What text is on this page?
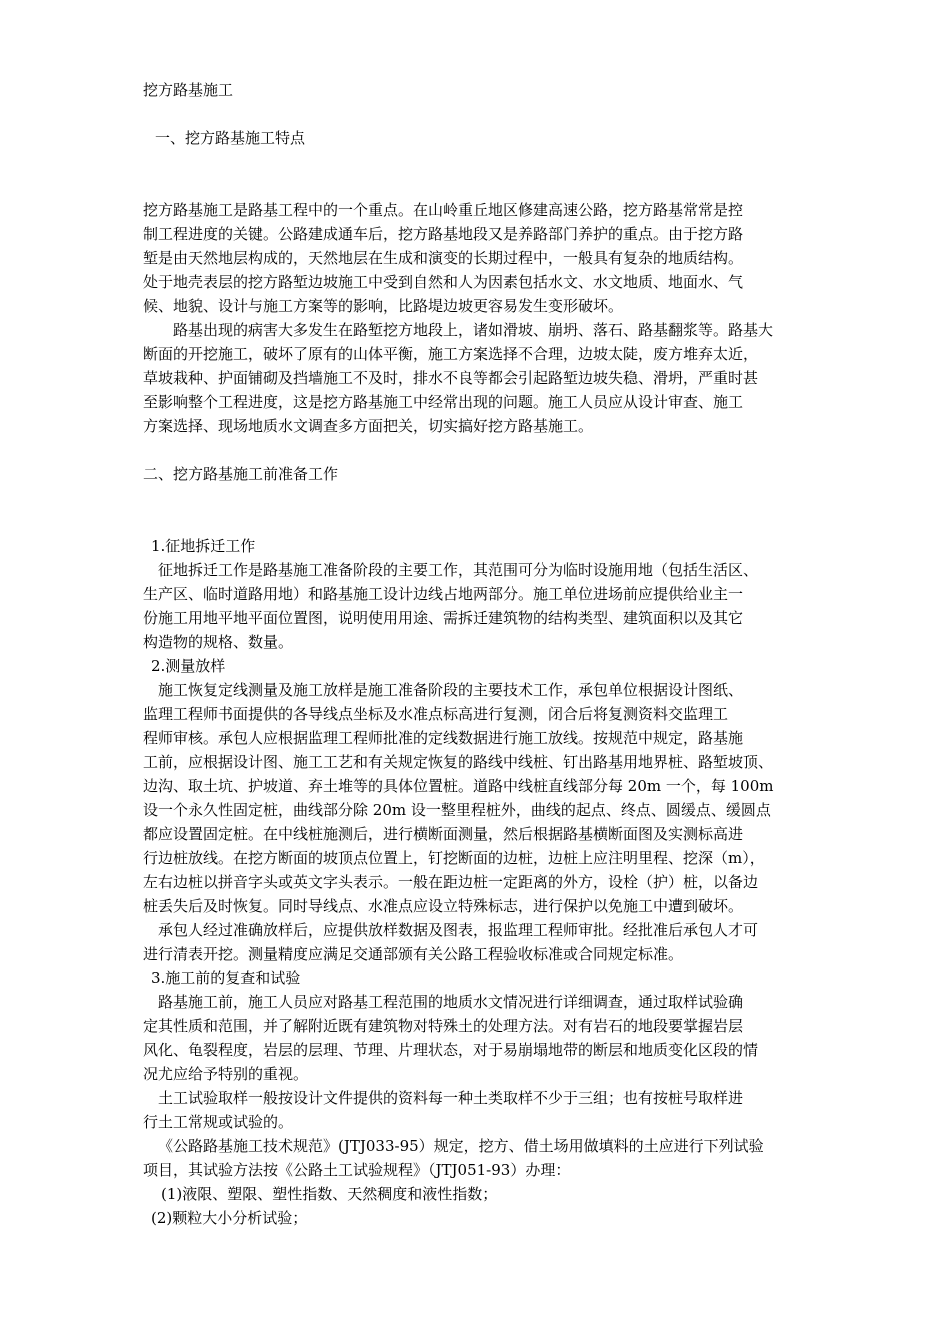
挖方路基施工

一、挖方路基施工特点

挖方路基施工是路基工程中的一个重点。在山岭重丘地区修建高速公路，挖方路基常常是控

制工程进度的关键。公路建成通车后，挖方路基地段又是养路部门养护的重点。由于挖方路

堑是由天然地层构成的，天然地层在生成和演变的长期过程中，一般具有复杂的地质结构。

处于地壳表层的挖方路堑边坡施工中受到自然和人为因素包括水文、水文地质、地面水、气

候、地貌、设计与施工方案等的影响，比路堤边坡更容易发生变形破坏。

路基出现的病害大多发生在路堑挖方地段上，诸如滑坡、崩坍、落石、路基翻浆等。路基大

断面的开挖施工，破坏了原有的山体平衡，施工方案选择不合理，边坡太陡，废方堆弃太近，

草坡栽种、护面铺砌及挡墙施工不及时，排水不良等都会引起路堑边坡失稳、滑坍，严重时甚

至影响整个工程进度，这是挖方路基施工中经常出现的问题。施工人员应从设计审查、施工

方案选择、现场地质水文调查多方面把关，切实搞好挖方路基施工。

二、挖方路基施工前准备工作

1.征地拆迁工作

征地拆迁工作是路基施工准备阶段的主要工作，其范围可分为临时设施用地（包括生活区、

生产区、临时道路用地）和路基施工设计边线占地两部分。施工单位进场前应提供给业主一

份施工用地平地平面位置图，说明使用用途、需拆迁建筑物的结构类型、建筑面积以及其它

构造物的规格、数量。

2.测量放样

施工恢复定线测量及施工放样是施工准备阶段的主要技术工作，承包单位根据设计图纸、

监理工程师书面提供的各导线点坐标及水准点标高进行复测，闭合后将复测资料交监理工

程师审核。承包人应根据监理工程师批准的定线数据进行施工放线。按规范中规定，路基施

工前，应根据设计图、施工工艺和有关规定恢复的路线中线桩、钉出路基用地界桩、路堑坡顶、

边沟、取土坑、护坡道、弃土堆等的具体位置桩。道路中线桩直线部分每 20m 一个，每 100m

设一个永久性固定桩，曲线部分除 20m 设一整里程桩外，曲线的起点、终点、圆缓点、缓圆点

都应设置固定桩。在中线桩施测后，进行横断面测量，然后根据路基横断面图及实测标高进

行边桩放线。在挖方断面的坡顶点位置上，钉挖断面的边桩，边桩上应注明里程、挖深（m），

左右边桩以拼音字头或英文字头表示。一般在距边桩一定距离的外方，设栓（护）桩，以备边

桩丢失后及时恢复。同时导线点、水准点应设立特殊标志，进行保护以免施工中遭到破坏。

承包人经过准确放样后，应提供放样数据及图表，报监理工程师审批。经批准后承包人才可

进行清表开挖。测量精度应满足交通部颁有关公路工程验收标准或合同规定标准。

3.施工前的复查和试验

路基施工前，施工人员应对路基工程范围的地质水文情况进行详细调查，通过取样试验确

定其性质和范围，并了解附近既有建筑物对特殊土的处理方法。对有岩石的地段要掌握岩层

风化、龟裂程度，岩层的层理、节理、片理状态，对于易崩塌地带的断层和地质变化区段的情

况尤应给予特别的重视。

土工试验取样一般按设计文件提供的资料每一种土类取样不少于三组；也有按桩号取样进

行土工常规或试验的。

《公路路基施工技术规范》(JTJ033-95）规定，挖方、借土场用做填料的土应进行下列试验

项目，其试验方法按《公路土工试验规程》（JTJ051-93）办理：

(1)液限、塑限、塑性指数、天然稠度和液性指数；

(2)颗粒大小分析试验；
